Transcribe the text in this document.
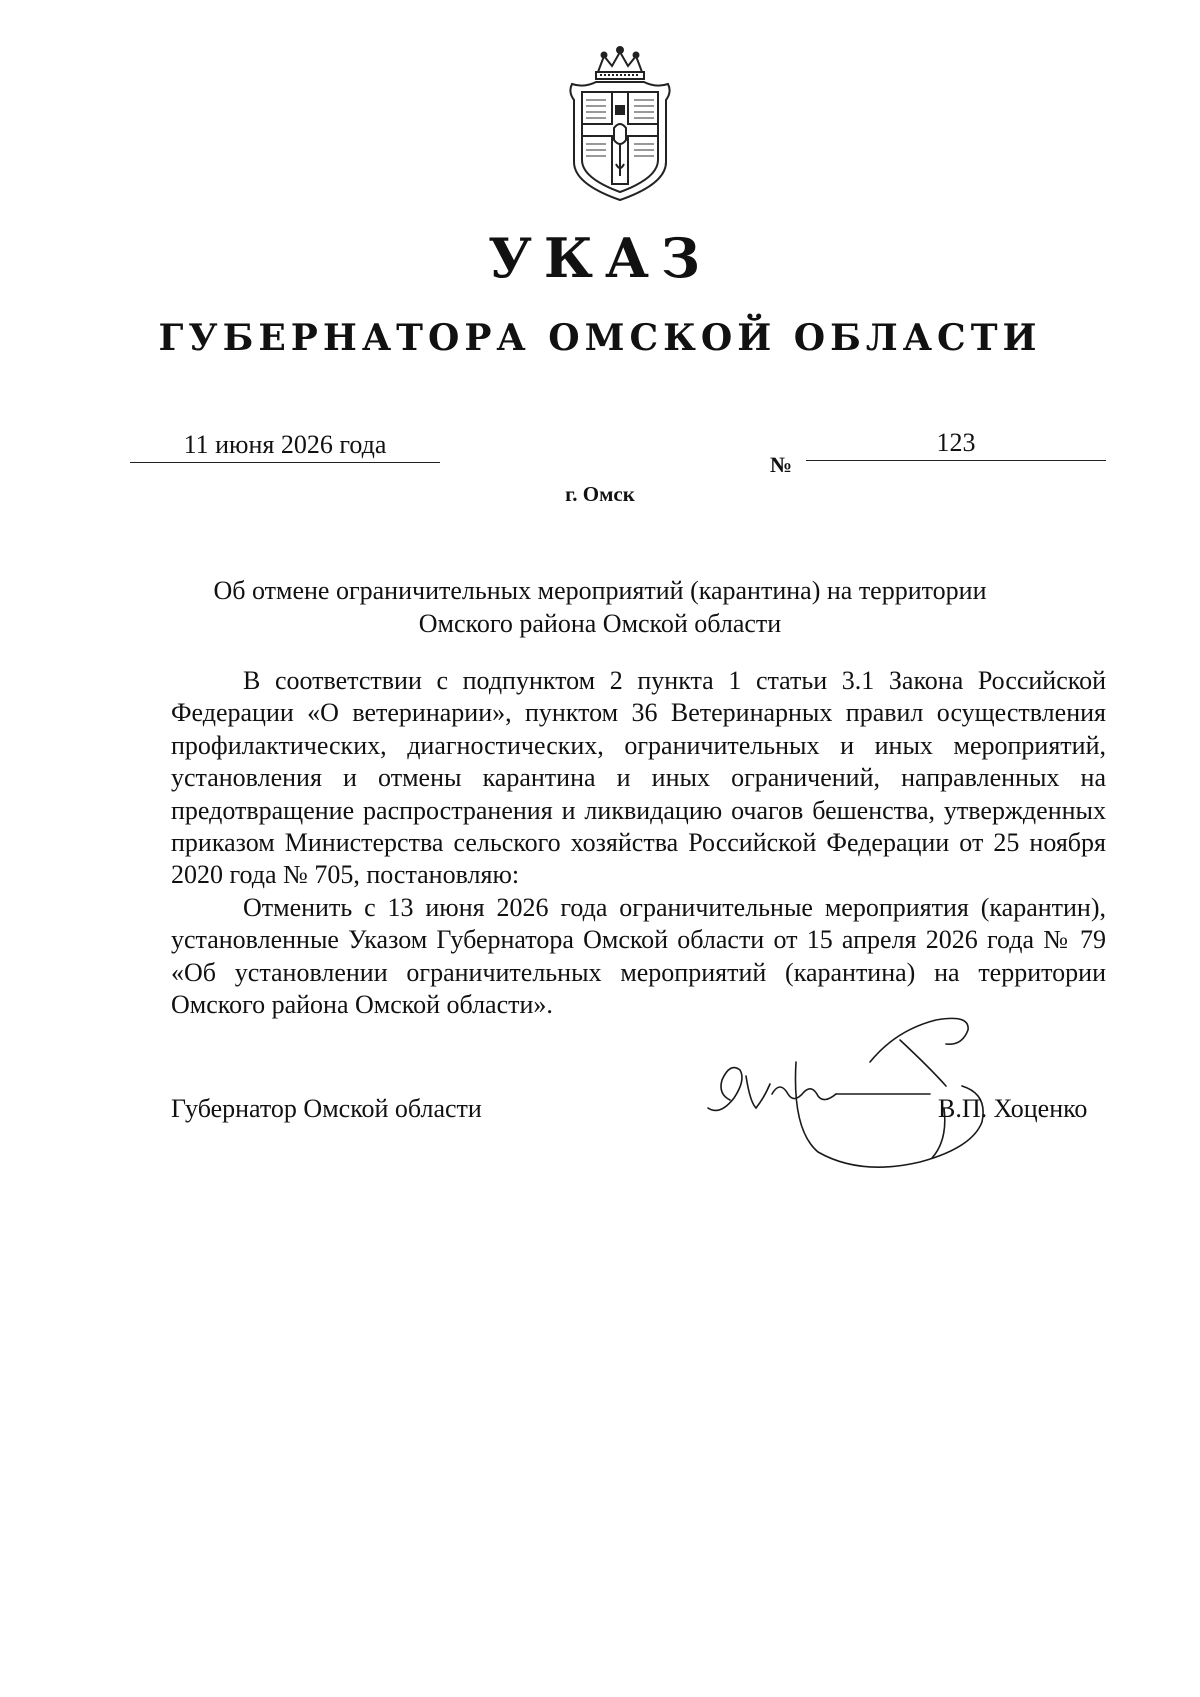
УКАЗ
ГУБЕРНАТОРА ОМСКОЙ ОБЛАСТИ
11 июня 2026 года
№
123
г. Омск
Об отмене ограничительных мероприятий (карантина) на территории
Омского района Омской области

В соответствии с подпунктом 2 пункта 1 статьи 3.1 Закона Российской Федерации «О ветеринарии», пунктом 36 Ветеринарных правил осуществления профилактических, диагностических, ограничительных и иных мероприятий, установления и отмены карантина и иных ограничений, направленных на предотвращение распространения и ликвидацию очагов бешенства, утвержденных приказом Министерства сельского хозяйства Российской Федерации от 25 ноября 2020 года № 705, постановляю:

Отменить с 13 июня 2026 года ограничительные мероприятия (карантин), установленные Указом Губернатора Омской области от 15 апреля 2026 года № 79 «Об установлении ограничительных мероприятий (карантина) на территории Омского района Омской области».

Губернатор Омской области	В.П. Хоценко
